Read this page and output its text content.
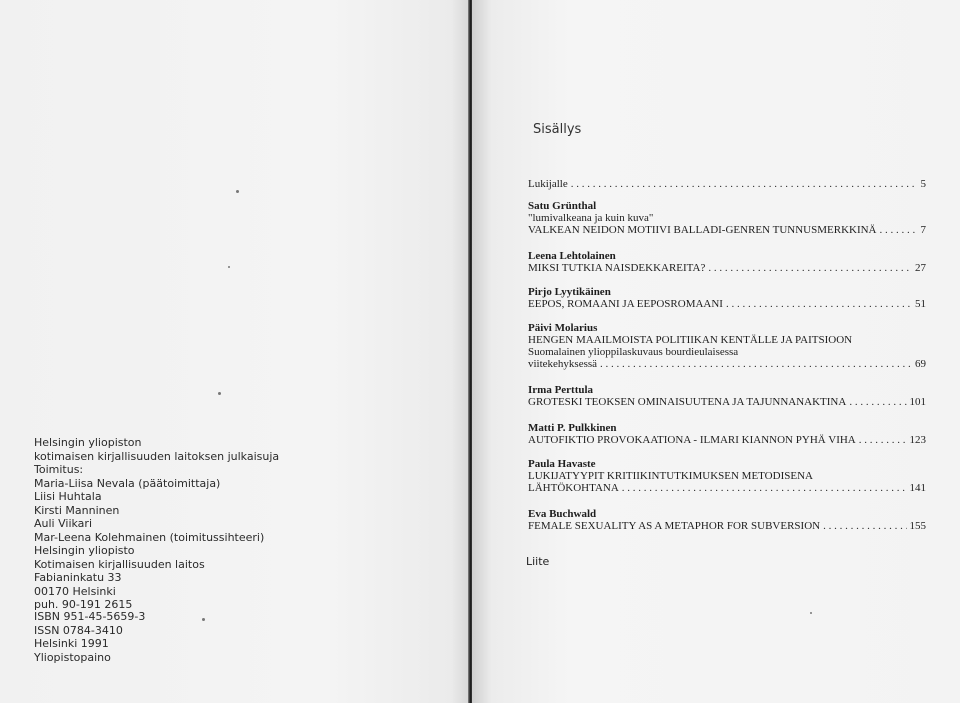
Helsingin yliopiston
kotimaisen kirjallisuuden laitoksen julkaisuja
Toimitus:
Maria-Liisa Nevala (päätoimittaja)
Liisi Huhtala
Kirsti Manninen
Auli Viikari
Mar-Leena Kolehmainen (toimitussihteeri)
Helsingin yliopisto
Kotimaisen kirjallisuuden laitos
Fabianinkatu 33
00170 Helsinki
puh. 90-191 2615
ISBN 951-45-5659-3
ISSN 0784-3410
Helsinki 1991
Yliopistopaino
Sisällys
Lukijalle . . .	5
Satu Grünthal
"lumivalkeana ja kuin kuva"
VALKEAN NEIDON MOTIIVI BALLADI-GENREN TUNNUSMERKKINÄ . . .	7
Leena Lehtolainen
MIKSI TUTKIA NAISDEKKAREITA? . . .	27
Pirjo Lyytikäinen
EEPOS, ROMAANI JA EEPOSROMAANI . . .	51
Päivi Molarius
HENGEN MAAILMOISTA POLITIIKAN KENTÄLLE JA PAITSIOON
Suomalainen ylioppilaskuvaus bourdieulaisessa
viitekehyksessä . . .	69
Irma Perttula
GROTESKI TEOKSEN OMINAISUUTENA JA TAJUNNANAKTINA . . .	101
Matti P. Pulkkinen
AUTOFIKTIO PROVOKAATIONA - ILMARI KIANNON PYHÄ VIHA . . .	123
Paula Havaste
LUKIJATYYPIT KRITIIKINTUTKIMUKSEN METODISENA
LÄHTÖKOHTANA . . .	141
Eva Buchwald
FEMALE SEXUALITY AS A METAPHOR FOR SUBVERSION . . .	155
Liite
